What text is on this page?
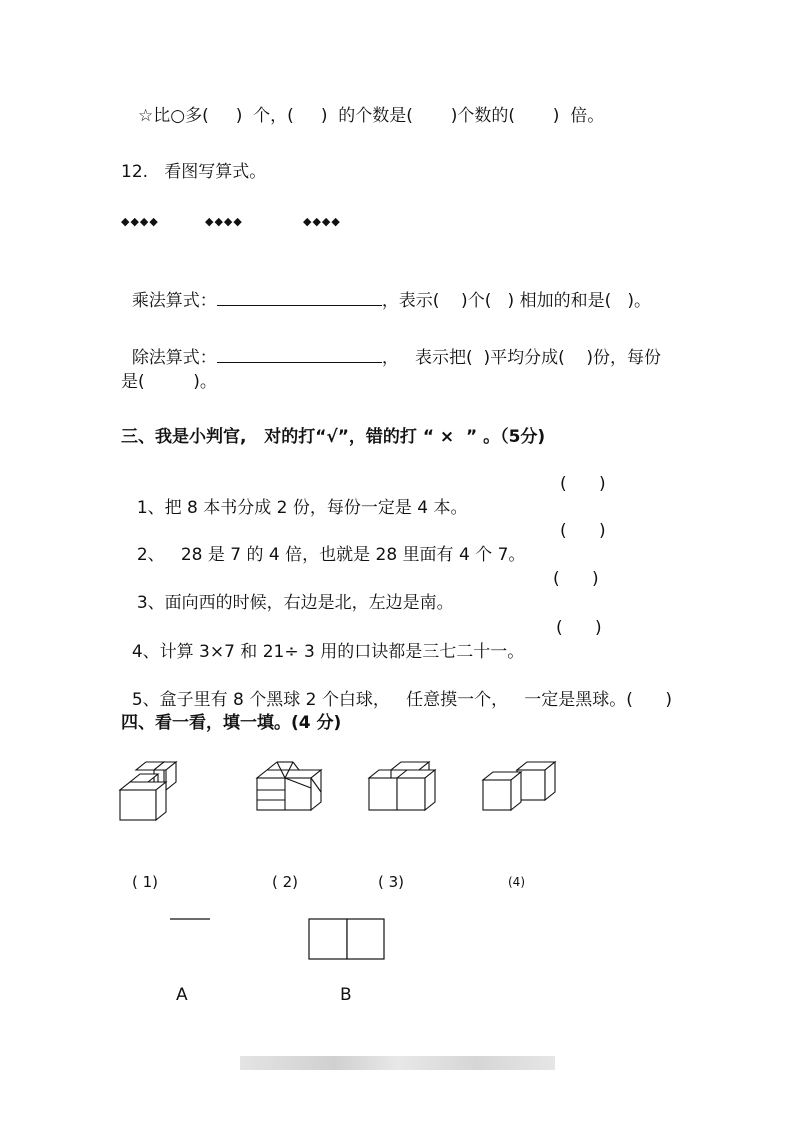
☆比○多(     )  个，(     )  的个数是(       )个数的(       )  倍。
12.   看图写算式。
◆◆◆◆	◆◆◆◆	◆◆◆◆

乘法算式：	，表示(    )个(   ) 相加的和是(   )。

除法算式：	，   表示把(  )平均分成(    )份，每份

是(         )。
三、我是小判官,   对的打“√”，错的打 “ ×  ” 。（5分)

1、把 8 本书分成 2 份，每份一定是 4 本。

(      )

2、   28 是 7 的 4 倍，也就是 28 里面有 4 个 7。

(      )

3、面向西的时候，右边是北，左边是南。

(      )

4、计算 3×7 和 21÷ 3 用的口诀都是三七二十一。

(      )

5、盒子里有 8 个黑球 2 个白球，   任意摸一个，   一定是黑球。(      )

四、看一看，填一填。(4 分)
( 1)	( 2)	( 3)	(4)
A	B
